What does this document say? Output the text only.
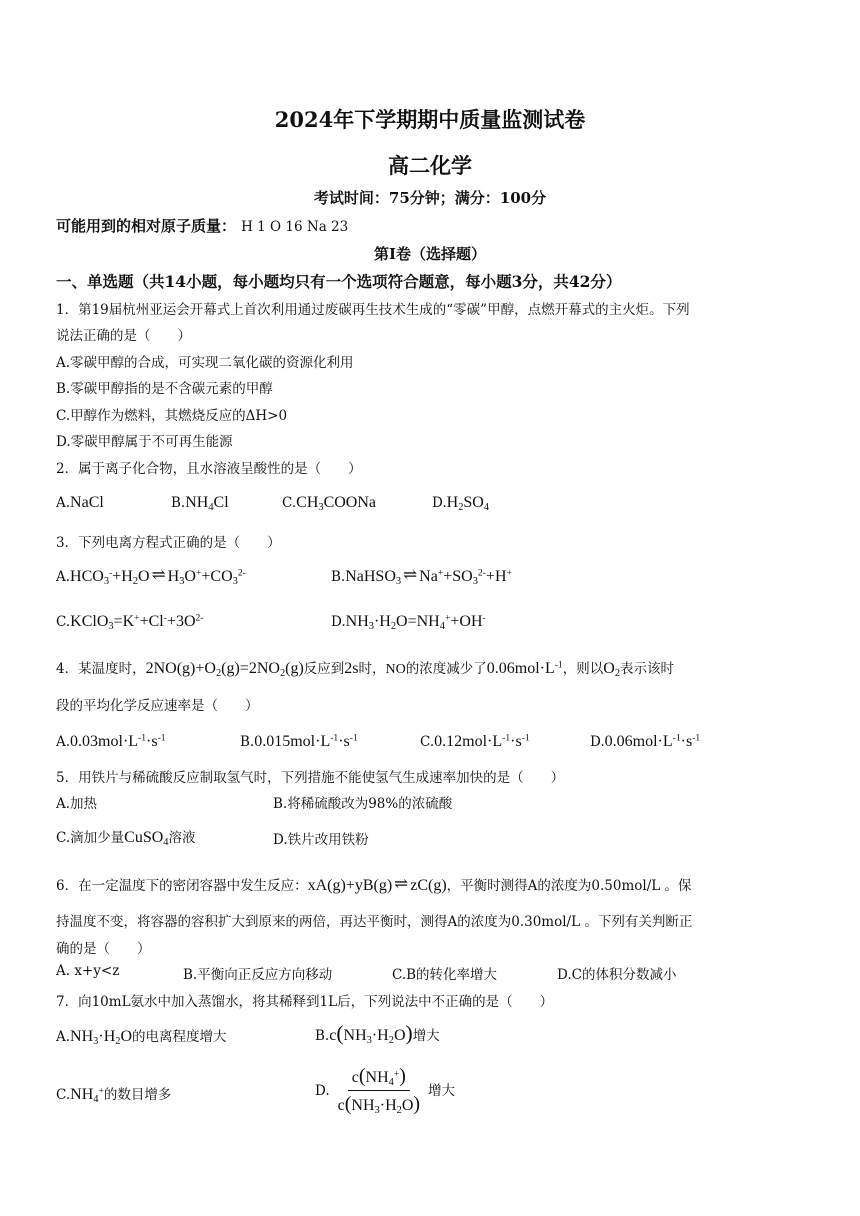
2024年下学期期中质量监测试卷
高二化学
考试时间：75分钟；满分：100分
可能用到的相对原子质量： H 1 O 16 Na 23
第I卷（选择题）
一、单选题（共14小题，每小题均只有一个选项符合题意，每小题3分，共42分）
1．第19届杭州亚运会开幕式上首次利用通过废碳再生技术生成的“零碳”甲醇，点燃开幕式的主火炬。下列
说法正确的是（　　）
A.零碳甲醇的合成，可实现二氧化碳的资源化利用
B.零碳甲醇指的是不含碳元素的甲醇
C.甲醇作为燃料，其燃烧反应的ΔH>0
D.零碳甲醇属于不可再生能源
2．属于离子化合物，且水溶液呈酸性的是（　　）
A.NaCl	$B.NH_4Cl$	$C.CH_3COONa$	$D.H_2SO_4$
3．下列电离方程式正确的是（　　）
$A.HCO_3^-+H_2O$ ⇌ $H_3O^++CO_3^{2-}$	B.NaHSO$_3$ ⇌ $Na^++SO_3^{2-}+H^+$
$C.KClO_3=K^++Cl^-+3O^{2-}$	$D.NH_3\cdot H_2O=NH_4^++OH^-$
4．某温度时，$2NO(g)+O_2(g)=2NO_2(g)$反应到2s时，NO的浓度减少了$0.06mol\cdot L^{-1}$，则以$O_2$表示该时
段的平均化学反应速率是（　　）
$A.0.03mol\cdot L^{-1}\cdot s^{-1}$	$B.0.015mol\cdot L^{-1}\cdot s^{-1}$	$C.0.12mol\cdot L^{-1}\cdot s^{-1}$	$D.0.06mol\cdot L^{-1}\cdot s^{-1}$
5．用铁片与稀硫酸反应制取氢气时，下列措施不能使氢气生成速率加快的是（　　）
A.加热	B.将稀硫酸改为98%的浓硫酸
C.滴加少量CuSO$_4$溶液	D.铁片改用铁粉
6．在一定温度下的密闭容器中发生反应：xA(g)+yB(g) ⇌ zC(g)，平衡时测得A的浓度为0.50mol/L 。保
持温度不变，将容器的容积扩大到原来的两倍，再达平衡时，测得A的浓度为0.30mol/L 。下列有关判断正
确的是（　　）
A. x+y<z	B.平衡向正反应方向移动	C.B的转化率增大	D.C的体积分数减小
7．向10mL氨水中加入蒸馏水，将其稀释到1L后，下列说法中不正确的是（　　）
$A.NH_3\cdot H_2O$的电离程度增大	$B.c(NH_3\cdot H_2O)$增大
$C.NH_4^+$的数目增多	D. $\frac{c(NH_4^+)}{c(NH_3\cdot H_2O)}$ 增大
